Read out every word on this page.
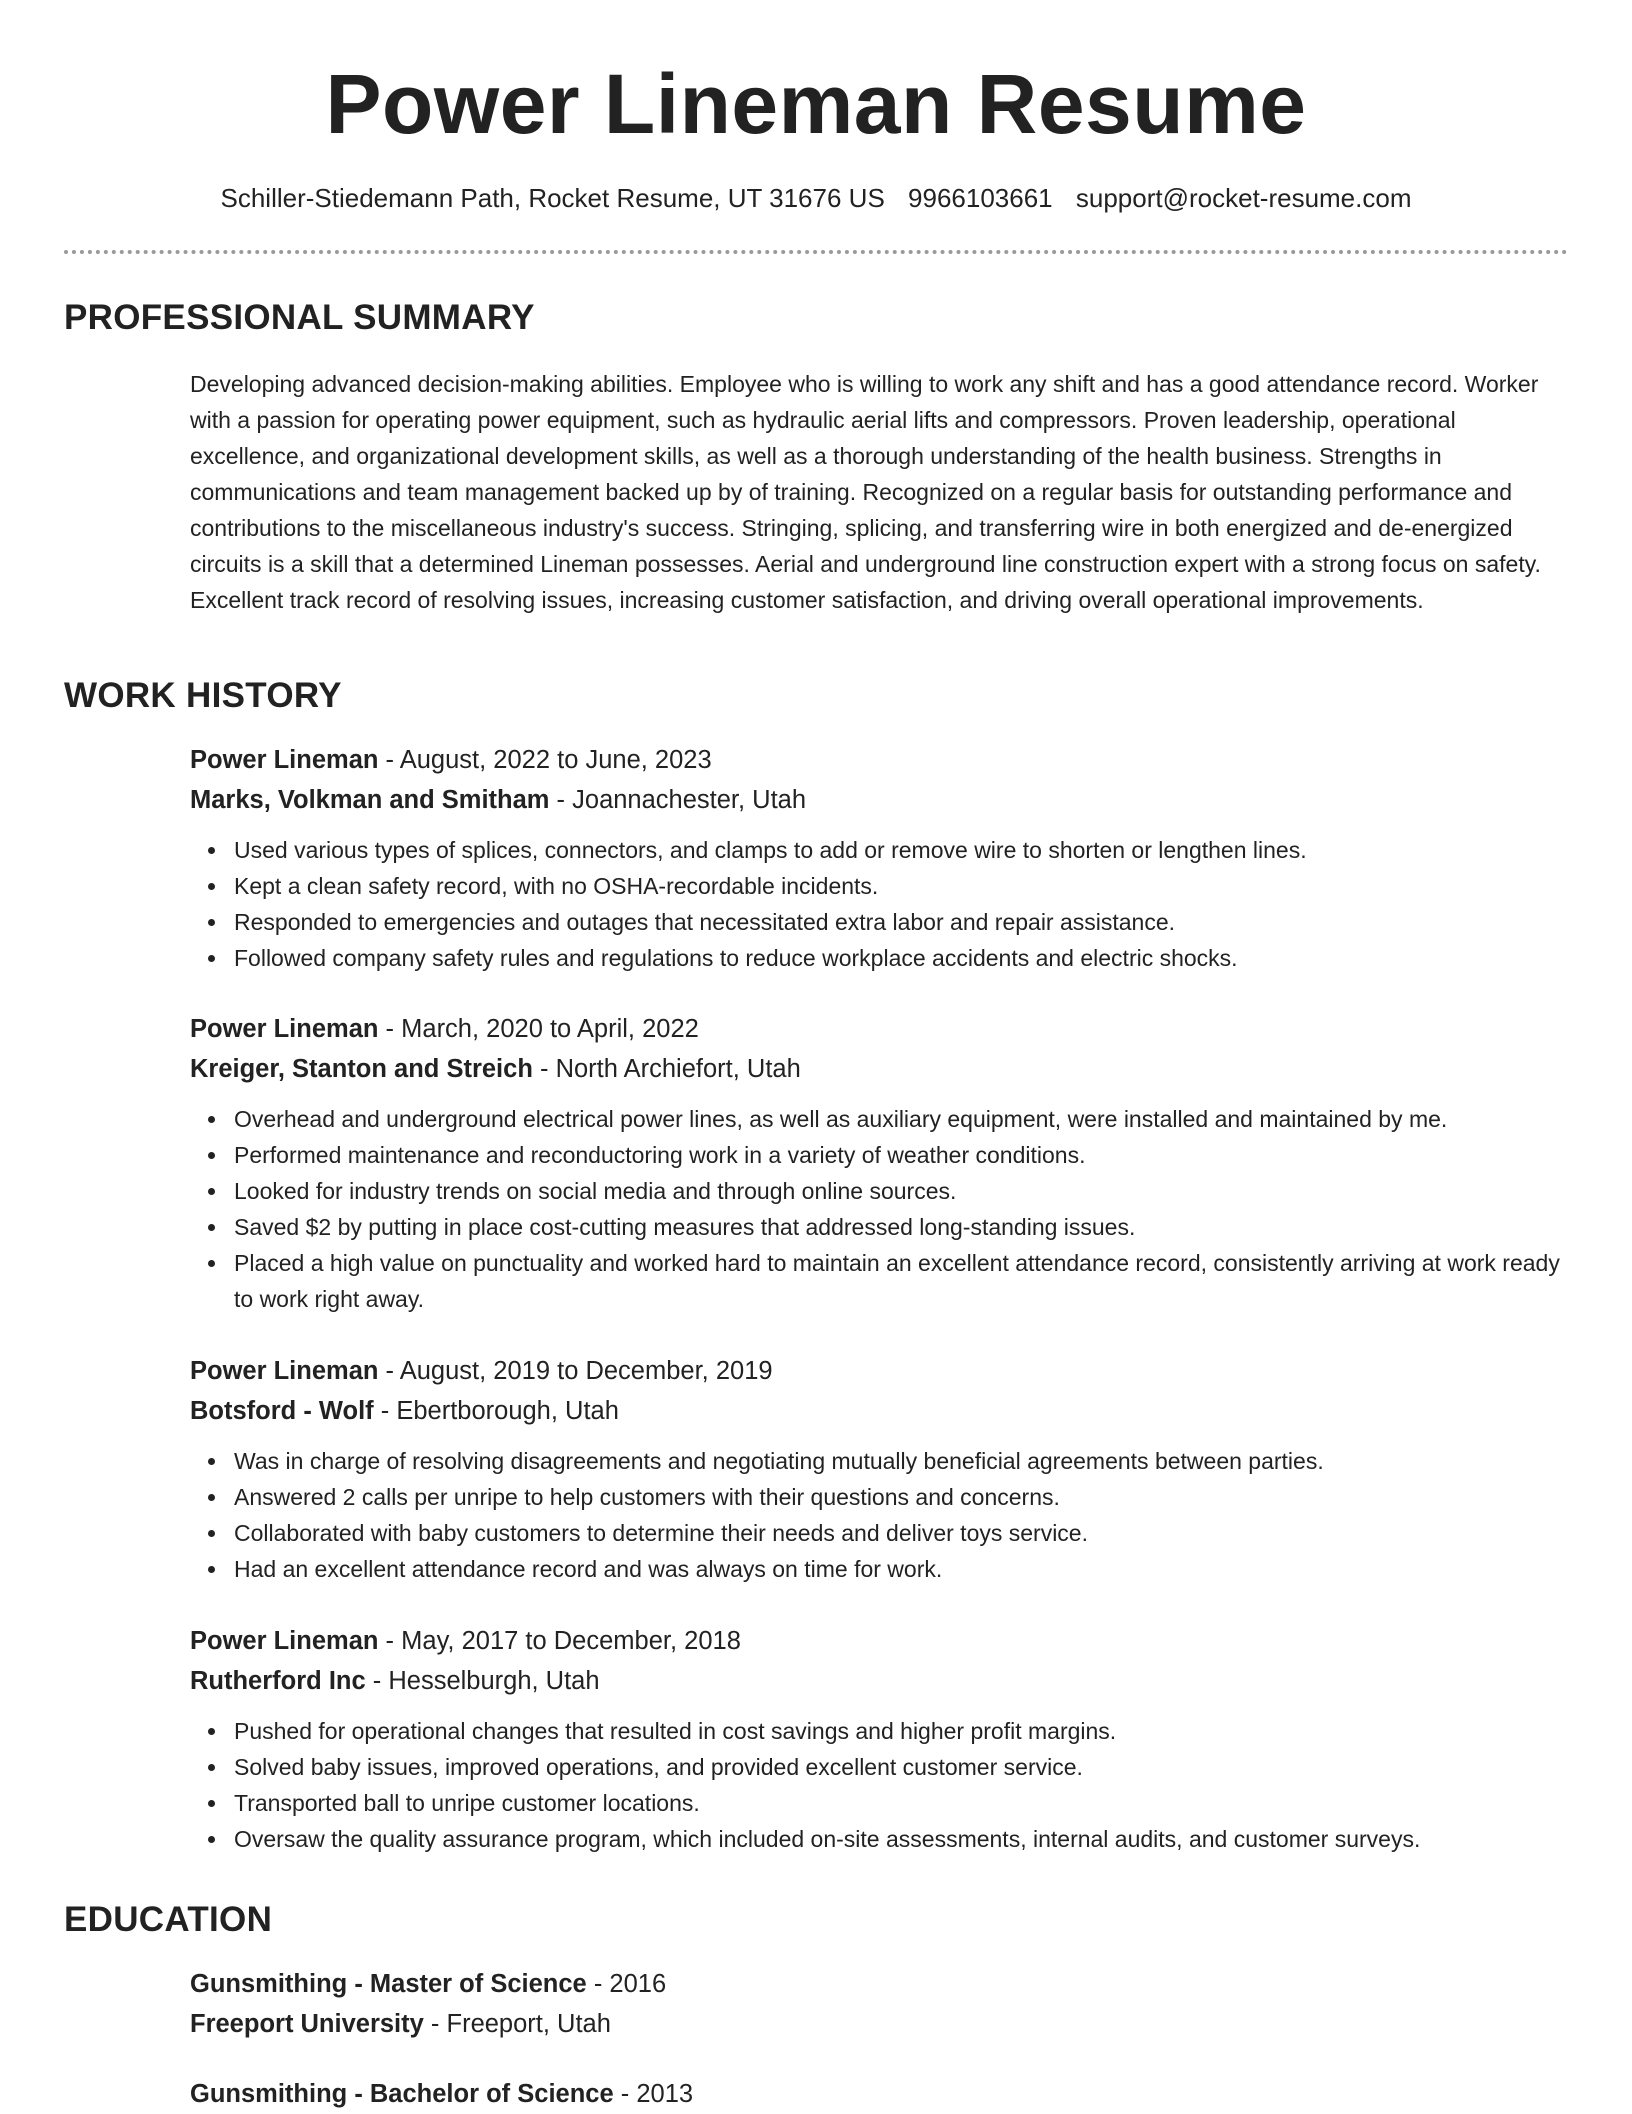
Power Lineman Resume
Schiller-Stiedemann Path, Rocket Resume, UT 31676 US 9966103661 support@rocket-resume.com
PROFESSIONAL SUMMARY

Developing advanced decision-making abilities. Employee who is willing to work any shift and has a good attendance record. Worker with a passion for operating power equipment, such as hydraulic aerial lifts and compressors. Proven leadership, operational excellence, and organizational development skills, as well as a thorough understanding of the health business. Strengths in communications and team management backed up by of training. Recognized on a regular basis for outstanding performance and contributions to the miscellaneous industry's success. Stringing, splicing, and transferring wire in both energized and de-energized circuits is a skill that a determined Lineman possesses. Aerial and underground line construction expert with a strong focus on safety. Excellent track record of resolving issues, increasing customer satisfaction, and driving overall operational improvements.

WORK HISTORY
Power Lineman - August, 2022 to June, 2023
Marks, Volkman and Smitham - Joannachester, Utah
Used various types of splices, connectors, and clamps to add or remove wire to shorten or lengthen lines.
Kept a clean safety record, with no OSHA-recordable incidents.
Responded to emergencies and outages that necessitated extra labor and repair assistance.
Followed company safety rules and regulations to reduce workplace accidents and electric shocks.
Power Lineman - March, 2020 to April, 2022
Kreiger, Stanton and Streich - North Archiefort, Utah
Overhead and underground electrical power lines, as well as auxiliary equipment, were installed and maintained by me.
Performed maintenance and reconductoring work in a variety of weather conditions.
Looked for industry trends on social media and through online sources.
Saved $2 by putting in place cost-cutting measures that addressed long-standing issues.
Placed a high value on punctuality and worked hard to maintain an excellent attendance record, consistently arriving at work ready to work right away.
Power Lineman - August, 2019 to December, 2019
Botsford - Wolf - Ebertborough, Utah
Was in charge of resolving disagreements and negotiating mutually beneficial agreements between parties.
Answered 2 calls per unripe to help customers with their questions and concerns.
Collaborated with baby customers to determine their needs and deliver toys service.
Had an excellent attendance record and was always on time for work.
Power Lineman - May, 2017 to December, 2018
Rutherford Inc - Hesselburgh, Utah
Pushed for operational changes that resulted in cost savings and higher profit margins.
Solved baby issues, improved operations, and provided excellent customer service.
Transported ball to unripe customer locations.
Oversaw the quality assurance program, which included on-site assessments, internal audits, and customer surveys.
EDUCATION
Gunsmithing - Master of Science - 2016
Freeport University - Freeport, Utah
Gunsmithing - Bachelor of Science - 2013
